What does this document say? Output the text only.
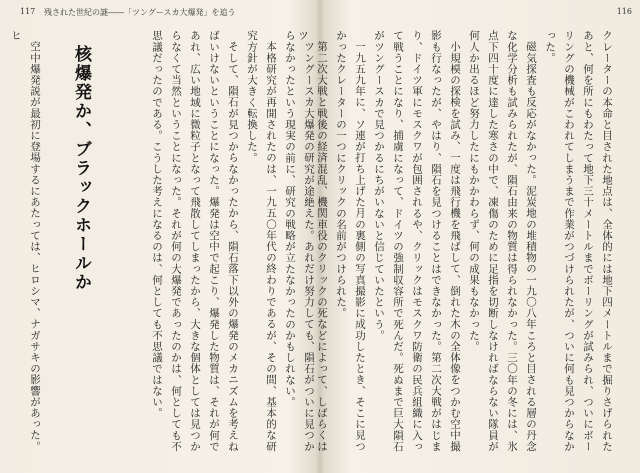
117 残された世紀の謎――「ツングースカ大爆発」を追う

ツングースカ大爆発の研究が途絶えた。あれだけ努力しても、隕石がついに見つからなかったという現実の前に、研究の戦略が立たなかったのかもしれない。

本格研究が再開されたのは、一九五〇年代の終わりであるが、その間、基本的な研究方針が大きく転換した。

そして、隕石が見つからなかったから、隕石落下以外の爆発のメカニズムを考えねばいけないということになった。爆発は空中で起こり、爆発した物質は、それが何であれ、広い地域に微粒子となって飛散してしまったから、大きな個体としては見つからなくて当然ということになった。それが何の大爆発であったのかは、何としても不思議だったのである。こうした考えになるのは、何としても不思議ではない。

核爆発か、ブラックホールか

空中爆発説が最初に登場するにあたっては、ヒロシマ、ナガサキの影響があった。ヒ

116

クレーターの本命と目された地点は、全体的には地下四メートルまで掘りさげられたあと、何を所にもわたって地下三十メートルまでボーリングが試みられ、ついにボーリングの機械がこわれてしまうまで作業がつづけられたが、ついに何も見つからなかった。

磁気探査も反応がなかった。泥炭地の堆積物の一九〇八年ころと目される層の丹念な化学分析も試みられたが、隕石由来の物質は得られなかった。三〇年の冬には、氷点下四十度に達した寒さの中で、凍傷のために足指を切断しなければならない隊員が何人か出るほど努力したにもかかわらず、何の成果もなかった。

小規模の探検を試み、一度は飛行機を飛ばして、倒れた木の全体像をつかむ空中撮影も行なったが、やはり、隕石を見つけることはできなかった。第二次大戦がはじまり、ドイツ軍にモスクワが包囲されるや、クリックはモスクワ防衛の民兵組織に入って戦うことになり、捕虜になって、ドイツの強制収容所で死んだ。死ぬまで巨大隕石がツングースカで見つかるにちがいないと信じていたという。

一九五九年に、ソ連が打ち上げた月の裏側の写真撮影に成功したとき、そこに見つかったクレーターの一つにクリックの名前がつけられた。

第二次大戦と戦後の経済混乱、機関車役のクリックの死などによって、しばらくはツ
